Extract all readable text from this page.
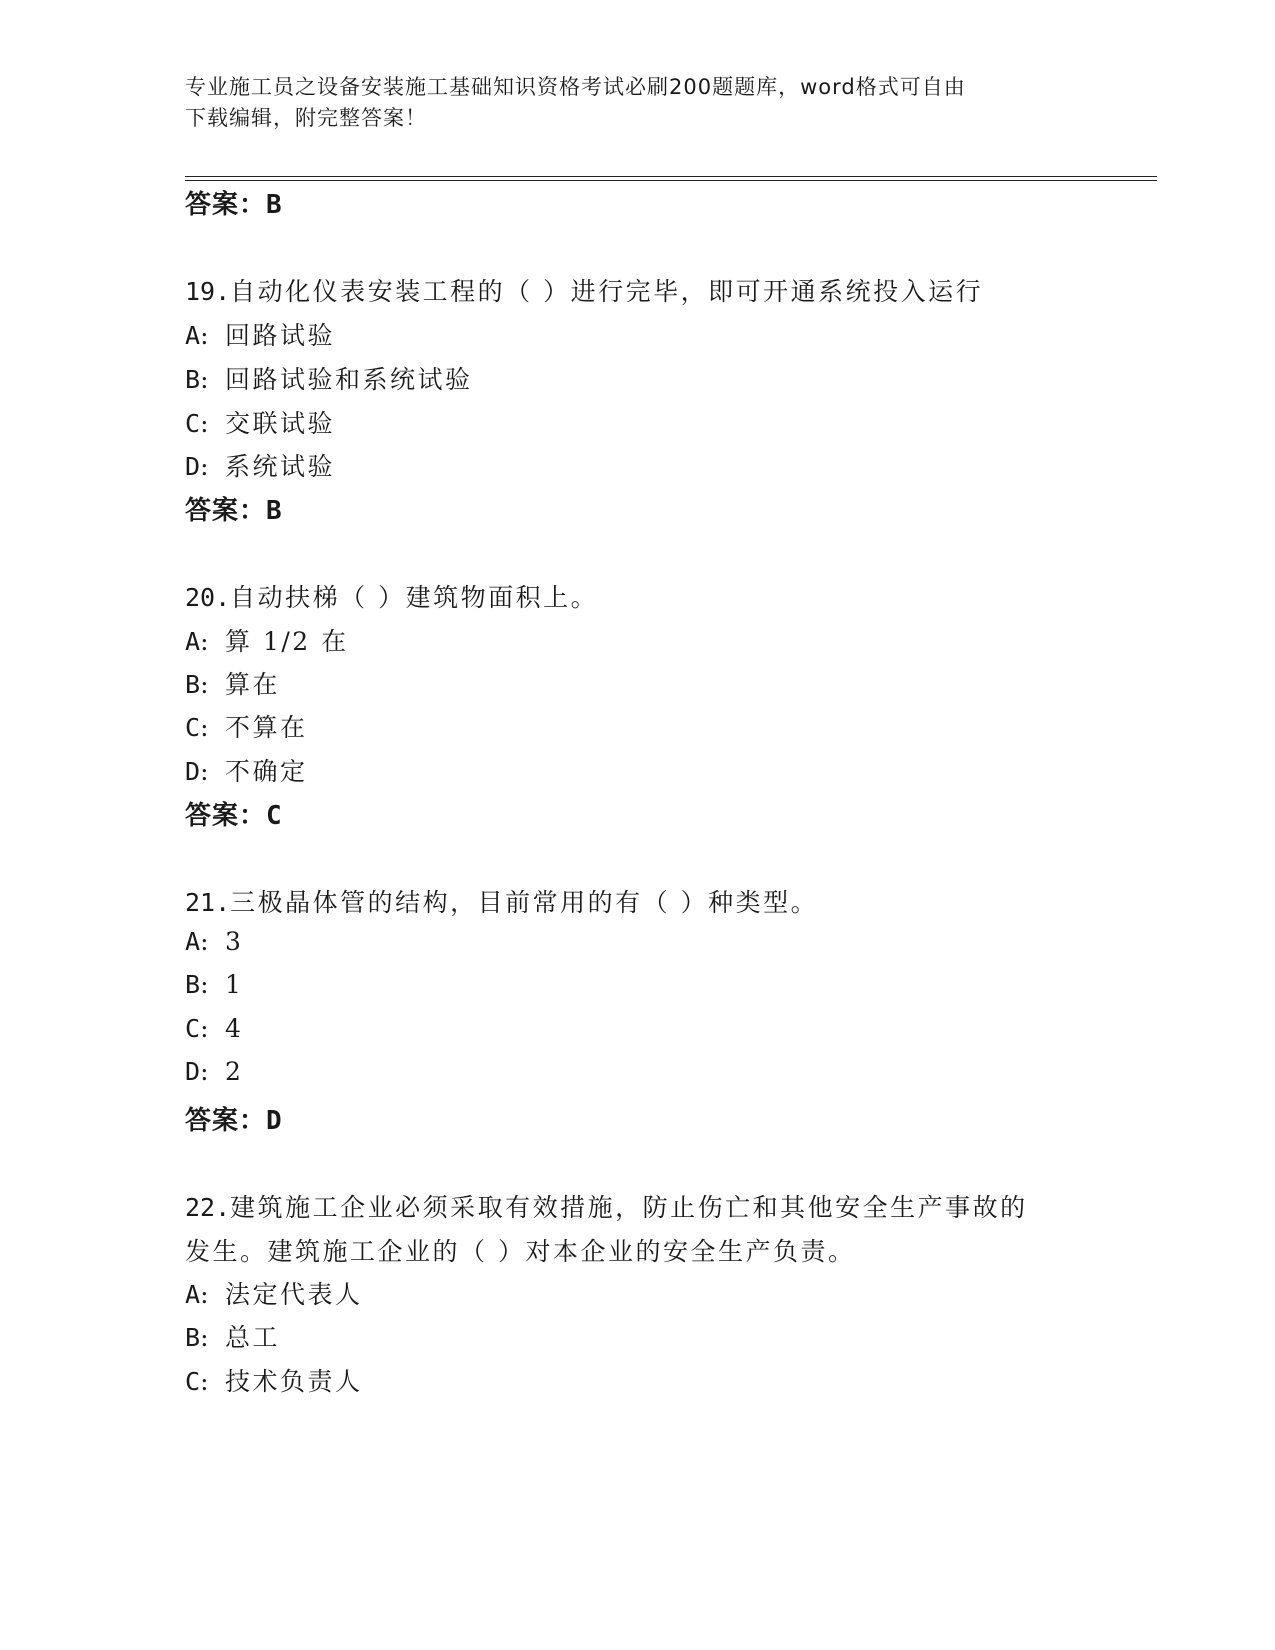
专业施工员之设备安装施工基础知识资格考试必刷200题题库，word格式可自由
下载编辑，附完整答案！
答案：B
19.自动化仪表安装工程的（ ）进行完毕，即可开通系统投入运行
A: 回路试验
B: 回路试验和系统试验
C: 交联试验
D: 系统试验
答案：B
20.自动扶梯（ ）建筑物面积上。
A: 算 1/2 在
B: 算在
C: 不算在
D: 不确定
答案：C
21.三极晶体管的结构，目前常用的有（ ）种类型。
A: 3
B: 1
C: 4
D: 2
答案：D
22.建筑施工企业必须采取有效措施，防止伤亡和其他安全生产事故的
发生。建筑施工企业的（ ）对本企业的安全生产负责。
A: 法定代表人
B: 总工
C: 技术负责人
